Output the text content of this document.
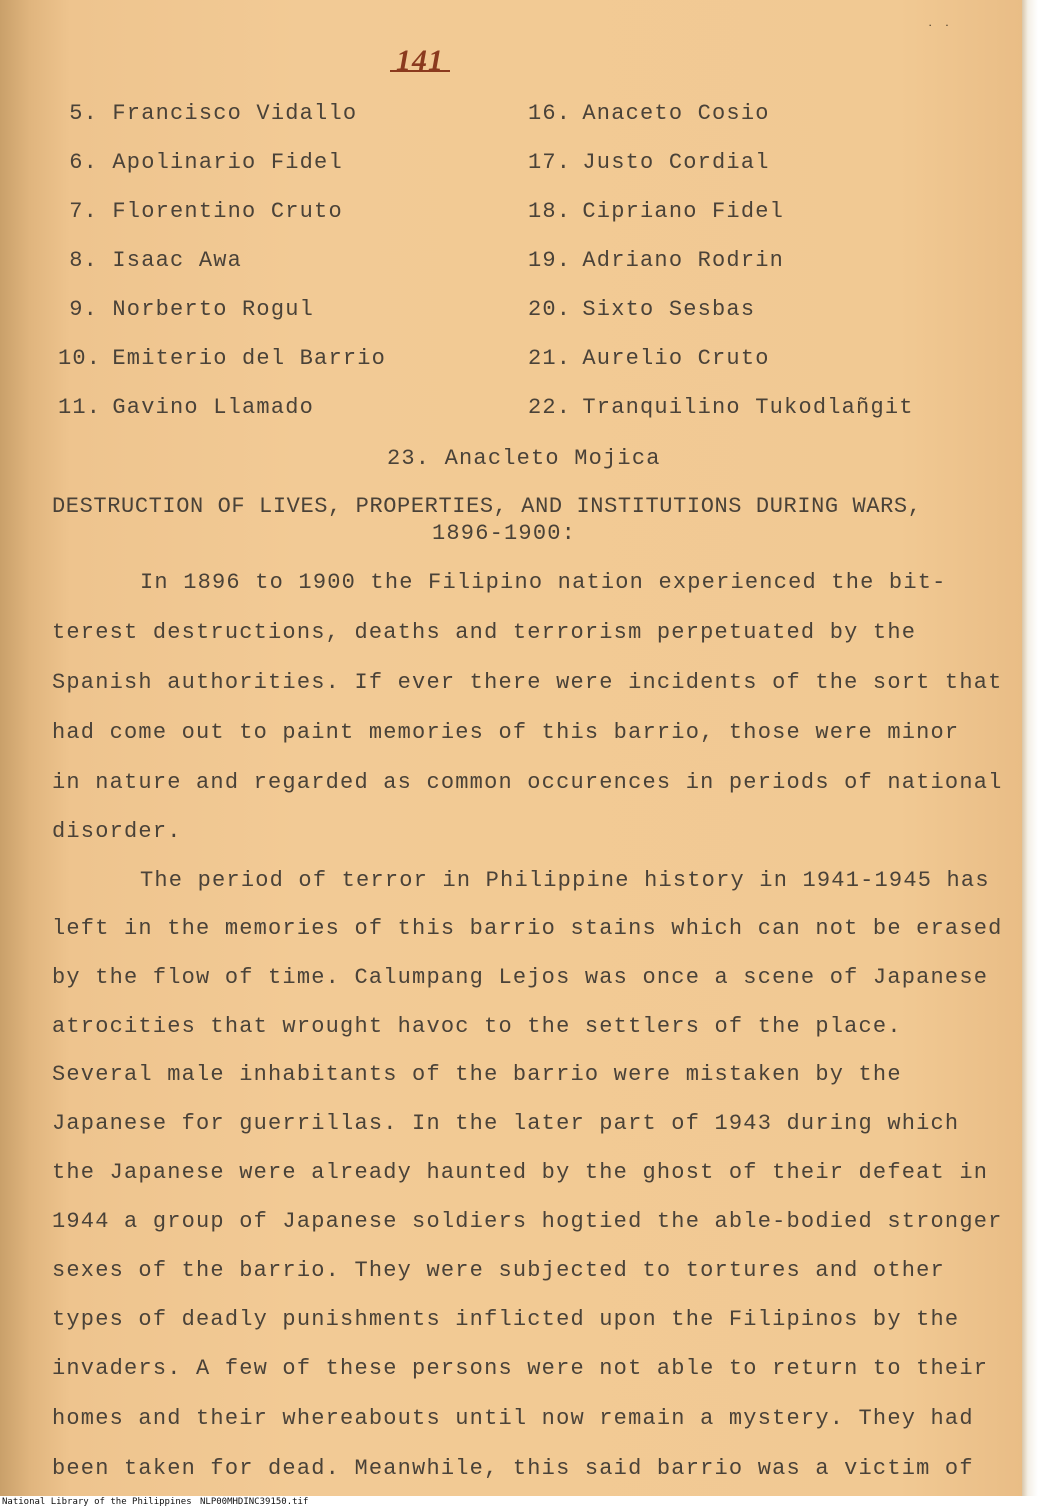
141
˙ ˙
5. Francisco Vidallo
6. Apolinario Fidel
7. Florentino Cruto
8. Isaac Awa
9. Norberto Rogul
10. Emiterio del Barrio
11. Gavino Llamado
16. Anaceto Cosio
17. Justo Cordial
18. Cipriano Fidel
19. Adriano Rodrin
20. Sixto Sesbas
21. Aurelio Cruto
22. Tranquilino Tukodlañgit
23. Anacleto Mojica
DESTRUCTION OF LIVES, PROPERTIES, AND INSTITUTIONS DURING WARS,
1896-1900:
In 1896 to 1900 the Filipino nation experienced the bit-
terest destructions, deaths and terrorism perpetuated by the
Spanish authorities. If ever there were incidents of the sort that
had come out to paint memories of this barrio, those were minor
in nature and regarded as common occurences in periods of national
disorder.
The period of terror in Philippine history in 1941-1945 has
left in the memories of this barrio stains which can not be erased
by the flow of time. Calumpang Lejos was once a scene of Japanese
atrocities that wrought havoc to the settlers of the place.
Several male inhabitants of the barrio were mistaken by the
Japanese for guerrillas. In the later part of 1943 during which
the Japanese were already haunted by the ghost of their defeat in
1944 a group of Japanese soldiers hogtied the able-bodied stronger
sexes of the barrio. They were subjected to tortures and other
types of deadly punishments inflicted upon the Filipinos by the
invaders. A few of these persons were not able to return to their
homes and their whereabouts until now remain a mystery. They had
been taken for dead. Meanwhile, this said barrio was a victim of
National Library of the Philippines NLP00MHDINC39150.tif
